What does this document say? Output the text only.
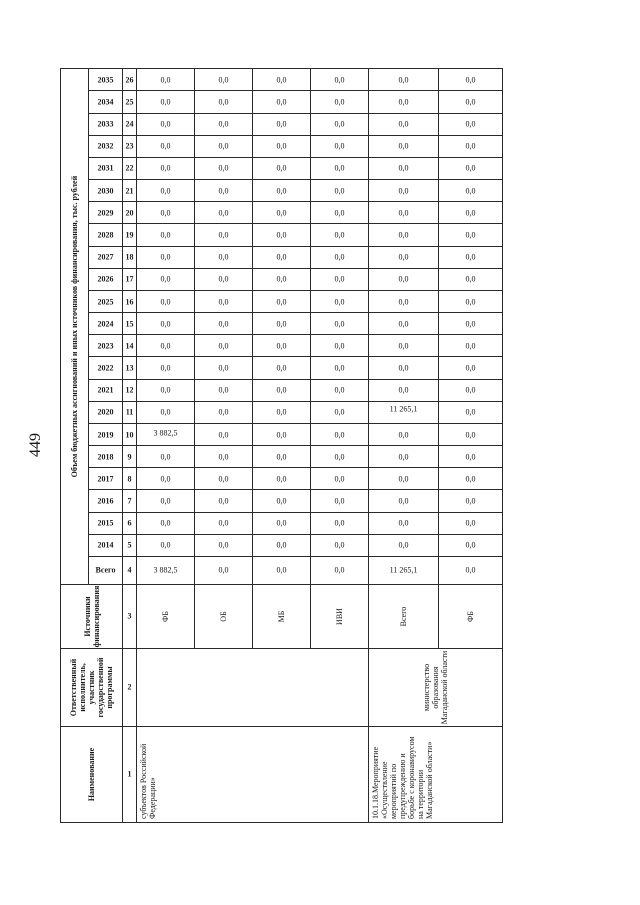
449
Наименование	Ответственный исполнитель, участник государственной программы	Источники финансирования	Объем бюджетных ассигнований и иных источников финансирования, тыс. рублей																						
			Всего	2014	2015	2016	2017	2018	2019	2020	2021	2022	2023	2024	2025	2026	2027	2028	2029	2030	2031	2032	2033	2034	2035
1	2	3	4	5	6	7	8	9	10	11	12	13	14	15	16	17	18	19	20	21	22	23	24	25	26
субъектов Российской Федерации»		ФБ	3 882,5	0,0	0,0	0,0	0,0	0,0	3 882,5	0,0	0,0	0,0	0,0	0,0	0,0	0,0	0,0	0,0	0,0	0,0	0,0	0,0	0,0	0,0	0,0
		ОБ	0,0	0,0	0,0	0,0	0,0	0,0	0,0	0,0	0,0	0,0	0,0	0,0	0,0	0,0	0,0	0,0	0,0	0,0	0,0	0,0	0,0	0,0	0,0
		МБ	0,0	0,0	0,0	0,0	0,0	0,0	0,0	0,0	0,0	0,0	0,0	0,0	0,0	0,0	0,0	0,0	0,0	0,0	0,0	0,0	0,0	0,0	0,0
		ИВИ	0,0	0,0	0,0	0,0	0,0	0,0	0,0	0,0	0,0	0,0	0,0	0,0	0,0	0,0	0,0	0,0	0,0	0,0	0,0	0,0	0,0	0,0	0,0
10.1.18.Мероприятие «Осуществление мероприятий по предупреждению и борьбе с коронавирусом на территории Магаданской области»	министерство образования Магаданской области	Всего	11 265,1	0,0	0,0	0,0	0,0	0,0	0,0	11 265,1	0,0	0,0	0,0	0,0	0,0	0,0	0,0	0,0	0,0	0,0	0,0	0,0	0,0	0,0	0,0
		ФБ	0,0	0,0	0,0	0,0	0,0	0,0	0,0	0,0	0,0	0,0	0,0	0,0	0,0	0,0	0,0	0,0	0,0	0,0	0,0	0,0	0,0	0,0	0,0
